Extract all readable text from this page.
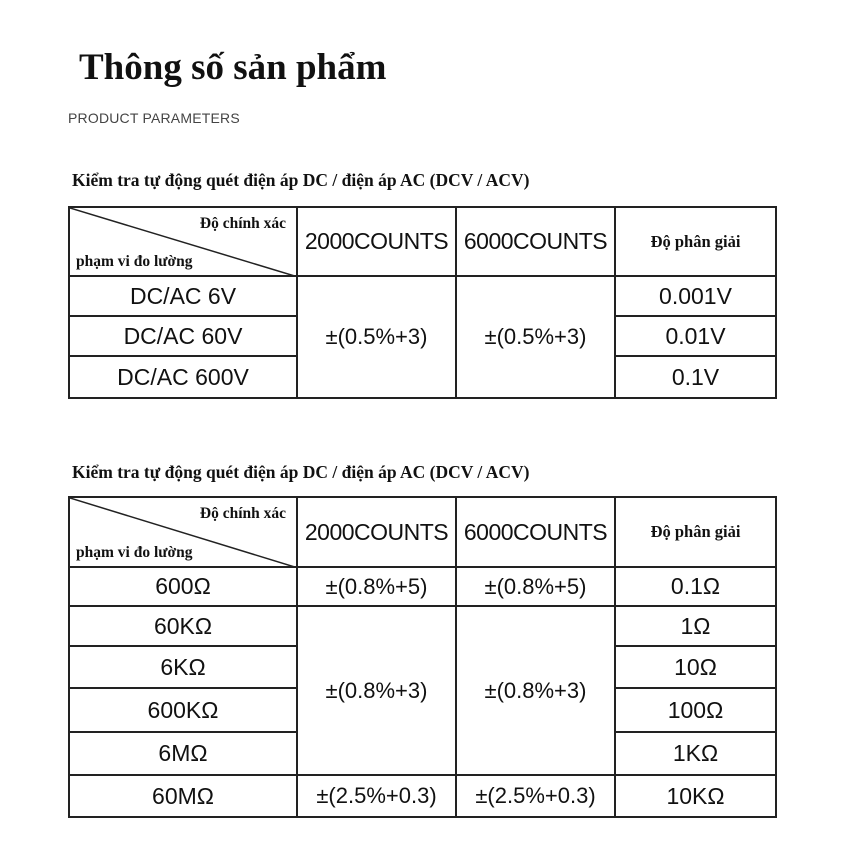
Thông số sản phẩm
PRODUCT PARAMETERS
Kiểm tra tự động quét điện áp DC / điện áp AC (DCV / ACV)
Độ chính xác
phạm vi đo lường	2000COUNTS	6000COUNTS	Độ phân giải
DC/AC 6V	±(0.5%+3)	±(0.5%+3)	0.001V
DC/AC 60V			0.01V
DC/AC 600V			0.1V
Kiểm tra tự động quét điện áp DC / điện áp AC (DCV / ACV)
Độ chính xác
phạm vi đo lường	2000COUNTS	6000COUNTS	Độ phân giải
600Ω	±(0.8%+5)	±(0.8%+5)	0.1Ω
60KΩ	±(0.8%+3)	±(0.8%+3)	1Ω
6KΩ			10Ω
600KΩ			100Ω
6MΩ			1KΩ
60MΩ	±(2.5%+0.3)	±(2.5%+0.3)	10KΩ
